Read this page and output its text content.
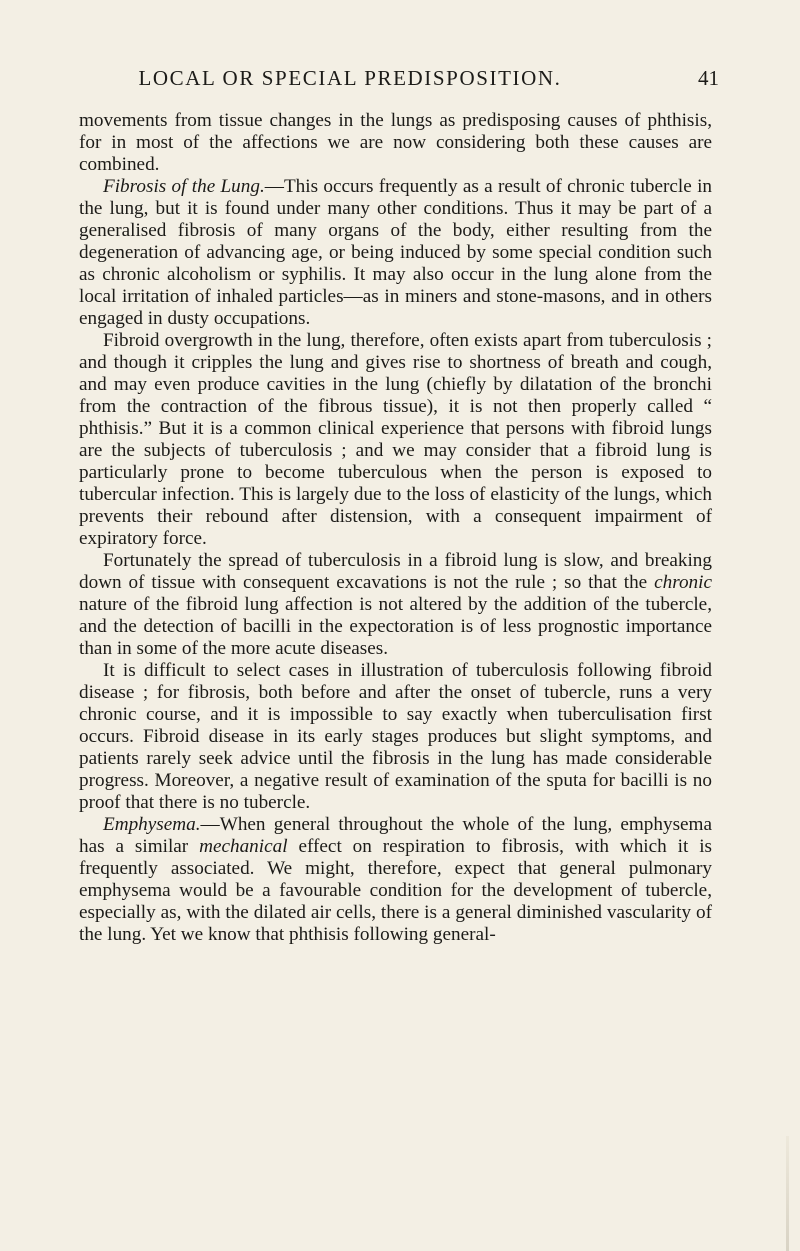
LOCAL OR SPECIAL PREDISPOSITION.	41

movements from tissue changes in the lungs as predisposing causes of phthisis, for in most of the affections we are now considering both these causes are combined.

Fibrosis of the Lung.—This occurs frequently as a result of chronic tubercle in the lung, but it is found under many other conditions. Thus it may be part of a generalised fibrosis of many organs of the body, either resulting from the degeneration of advancing age, or being induced by some special condition such as chronic alcoholism or syphilis. It may also occur in the lung alone from the local irritation of inhaled particles—as in miners and stone-masons, and in others engaged in dusty occupations.

Fibroid overgrowth in the lung, therefore, often exists apart from tuberculosis ; and though it cripples the lung and gives rise to shortness of breath and cough, and may even produce cavities in the lung (chiefly by dilatation of the bronchi from the contraction of the fibrous tissue), it is not then properly called “ phthisis.” But it is a common clinical experience that persons with fibroid lungs are the subjects of tuberculosis ; and we may consider that a fibroid lung is particularly prone to become tuberculous when the person is exposed to tubercular infection. This is largely due to the loss of elasticity of the lungs, which prevents their rebound after distension, with a consequent impairment of expiratory force.

Fortunately the spread of tuberculosis in a fibroid lung is slow, and breaking down of tissue with consequent excavations is not the rule ; so that the chronic nature of the fibroid lung affection is not altered by the addition of the tubercle, and the detection of bacilli in the expectoration is of less prognostic importance than in some of the more acute diseases.

It is difficult to select cases in illustration of tuberculosis following fibroid disease ; for fibrosis, both before and after the onset of tubercle, runs a very chronic course, and it is impossible to say exactly when tuberculisation first occurs. Fibroid disease in its early stages produces but slight symptoms, and patients rarely seek advice until the fibrosis in the lung has made considerable progress. Moreover, a negative result of examination of the sputa for bacilli is no proof that there is no tubercle.

Emphysema.—When general throughout the whole of the lung, emphysema has a similar mechanical effect on respiration to fibrosis, with which it is frequently associated. We might, therefore, expect that general pulmonary emphysema would be a favourable condition for the development of tubercle, especially as, with the dilated air cells, there is a general diminished vascularity of the lung. Yet we know that phthisis following general-
